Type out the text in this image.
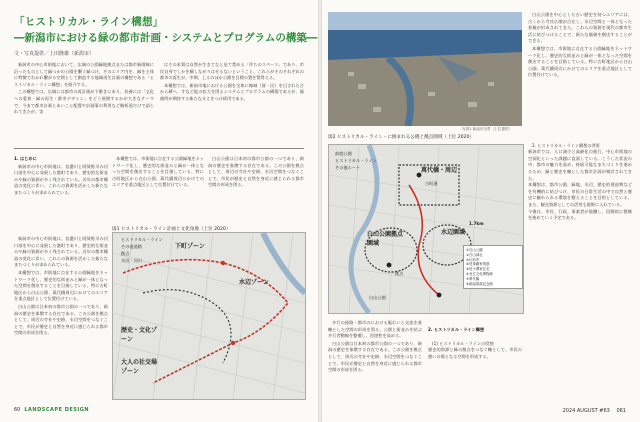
「ヒストリカル・ライン構想」
―新潟市における緑の都市計画・システムとプログラムの構築―
文・写真提供／上田隆雄（新潟市）

新潟市の中心市街地において、広域の公園緑地拠点または都市新園線に沿ったものとして緑つかの公園を繋ぐ緑づけ、そのエリア内を、緑を主体に特徴でわかれ繋がる空間として創造する地域再生計画の構想である「ヒストリカル・ライン構想」を紹介する。

この構想では、広域には都市の再計画が下敷きにあり、扶養には「文化への愛着・緑の再生・都市デザイン」をどう展開するかが大きなテーマで、今まで都市計画とあいこと配置や計画事の利用など解析面だけで語られてきたが、実

はその本質は自然が生きてなと見て豊める「作ちのスペース」であり、市民自身でしかを願しながりはせるないということ。これらがそのそれぞれの都市の再生が、中期、上るのほか公園を目標の置を警得える。

本構想では、新潟市地における公園を全体に線域（賀・民）を目された合から縛へ、すなど能の拡大を図るシステムとプログラムの構築であるが、価値所が期待する新たな支えをつけ続用である。

1. はじめに

新潟市の中心市街地は、信濃川と阿賀野川の河口部を中心に発展した港町であり、歴史的な街並みや緑の資源が多く残されている。近年の都市構造の変化に伴い、これらの資源を活かした新たなまちづくりが求められている。

本構想では、市街地に点在する公園緑地をネットワーク化し、歴史的な街並みと緑が一体となった空間を創出することを目指している。特に古町地区から白山公園、萬代橋周辺にかけてのエリアを重点地区として位置付けている。

白山公園は日本初の都市公園の一つであり、新潟の歴史を象徴する存在である。この公園を拠点として、周辺の寺社や史跡、水辺空間をつなぐことで、市民が歴史と自然を身近に感じられる都市空間の形成を図る。

新潟市の中心市街地は、信濃川と阿賀野川の河口部を中心に発展した港町であり、歴史的な街並みや緑の資源が多く残されている。近年の都市構造の変化に伴い、これらの資源を活かした新たなまちづくりが求められている。

本構想では、市街地に点在する公園緑地をネットワーク化し、歴史的な街並みと緑が一体となった空間を創出することを目指している。特に古町地区から白山公園、萬代橋周辺にかけてのエリアを重点地区として位置付けている。

白山公園は日本初の都市公園の一つであり、新潟の歴史を象徴する存在である。この公園を拠点として、周辺の寺社や史跡、水辺空間をつなぐことで、市民が歴史と自然を身近に感じられる都市空間の形成を図る。

図1 ヒストリカル・ライン計画と文化角地（上位 2020）
下町ゾーン
水辺ゾーン
歴史・文化ゾーン
大人の社交場ゾーン
ヒストリカル・ライン
その他道路
拠点
水辺・河川
60 LANDSCAPE DESIGN
写真1 新潟市全景（上位提供）

白山公園を中心とした古い歴史を持つエリアには、古くから寺社仏閣が点在し、水辺空間と一体となった景観が形成されてきた。これらの資源を現代の都市生活に結びつけることで、新たな価値を創出することができる。

本構想では、市街地に点在する公園緑地をネットワーク化し、歴史的な街並みと緑が一体となった空間を創出することを目指している。特に古町地区から白山公園、萬代橋周辺にかけてのエリアを重点地区として位置付けている。

2. ヒストリカル・ライン構想の背景
新潟市では、人口減少と高齢化の進行、中心市街地の空洞化といった課題に直面している。こうした状況の中、都市の魅力を高め、持続可能なまちづくりを進めるため、緑と歴史を軸とした都市計画が検討されてきた。
本構想は、都市公園、緑地、水辺、歴史的建造物などを有機的に結びつけ、市民の日常生活の中で自然と歴史に触れられる環境を整えることを目的としている。また、観光資源としての活用も視野に入れている。
今後は、市民、行政、事業者が協働し、段階的に整備を進めていく予定である。

図2 ヒストリカル・ライン・に囲まれる公園と拠点園域（上位 2020）
前庭公園
ヒストリカル・ライン
その他ルート	萬代橋・周辺
古町通
白山公園拠点園域
水辺園域
拠点
白山公園
1.7km
①白山公園
②白山神社
③行形亭
④旧斎藤家別邸
⑤旧小澤家住宅
⑥北方文化博物館
⑦萬代橋
⑧新潟県政記念館

歩行の経路・都市のにおける賑わいと交流を基軸とした空間の形成を図る。公園と街並みを結ぶ歩行者動線を整備し、回遊性を高める。

白山公園は日本初の都市公園の一つであり、新潟の歴史を象徴する存在である。この公園を拠点として、周辺の寺社や史跡、水辺空間をつなぐことで、市民が歴史と自然を身近に感じられる都市空間の形成を図る。

2. ヒストリカル・ライン構想

(1) ヒストリカル・ラインの役割
歴史的資源と緑の拠点をつなぐ軸として、市民の憩いの場となる空間を形成する。

2024 AUGUST #63 　061
